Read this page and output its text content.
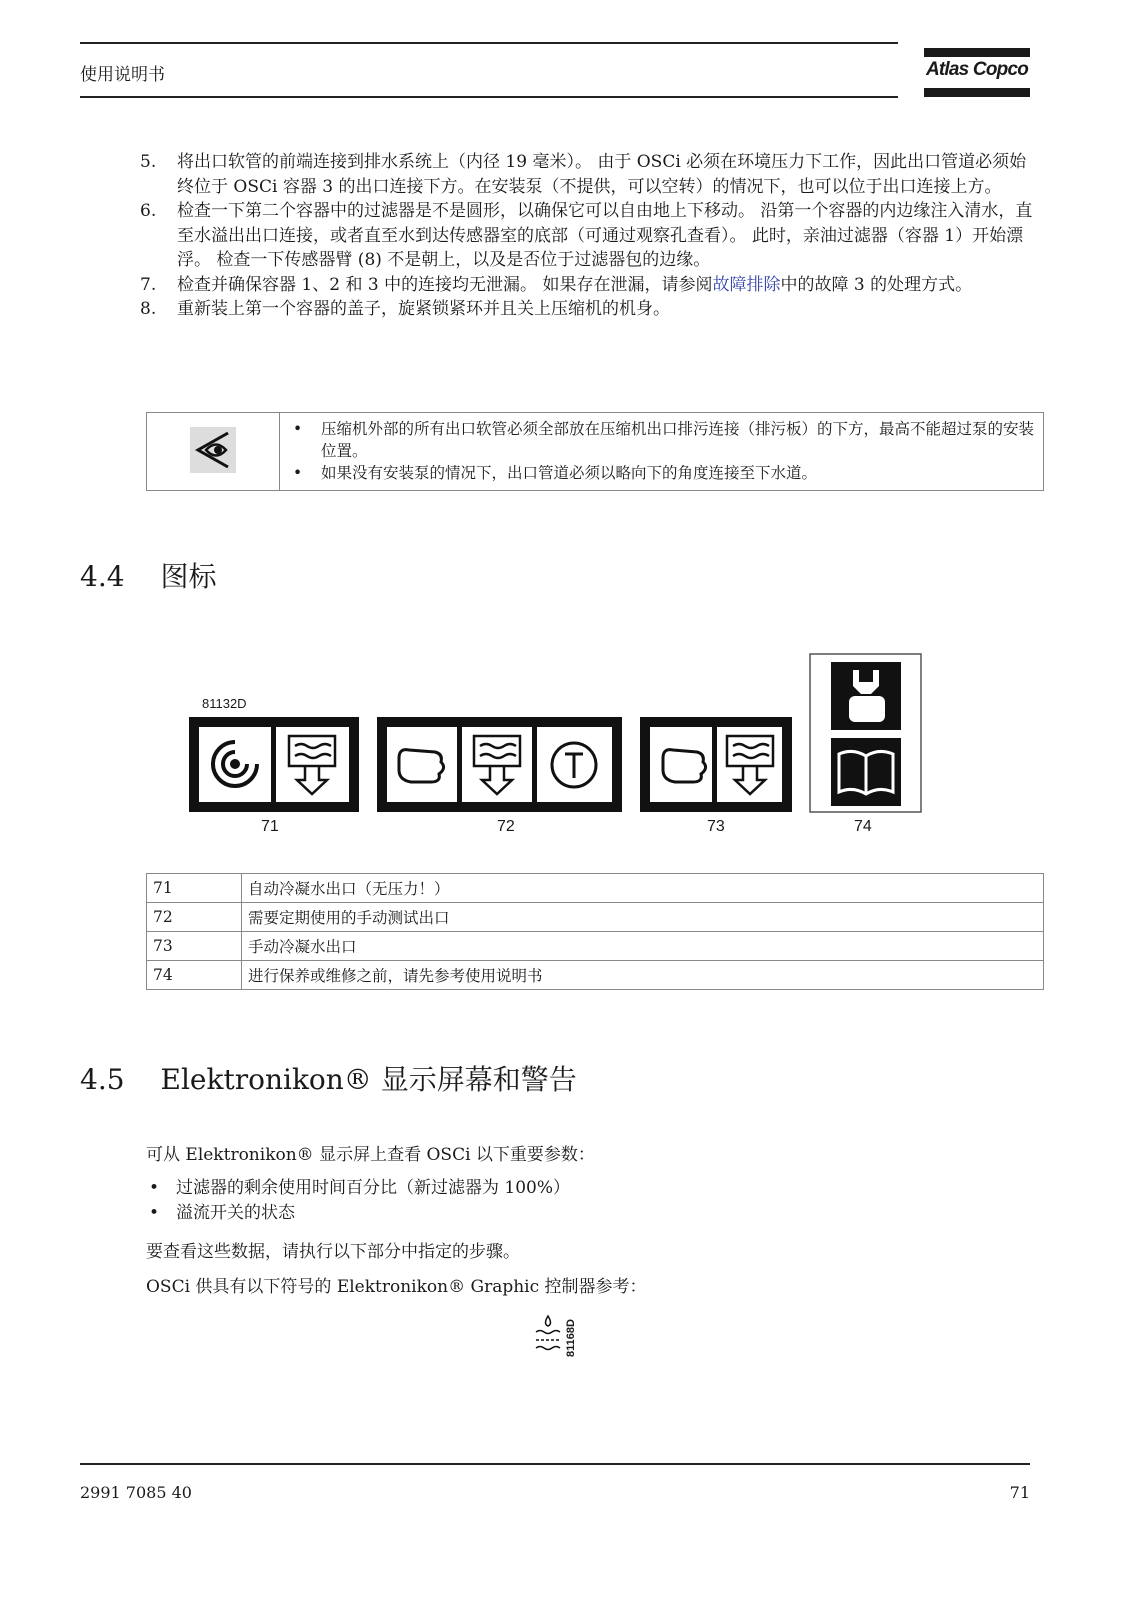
使用说明书	Atlas Copco
5. 将出口软管的前端连接到排水系统上（内径 19 毫米）。 由于 OSCi 必须在环境压力下工作，因此出口管道必须始终位于 OSCi 容器 3 的出口连接下方。在安装泵（不提供，可以空转）的情况下，也可以位于出口连接上方。
6. 检查一下第二个容器中的过滤器是不是圆形，以确保它可以自由地上下移动。 沿第一个容器的内边缘注入清水，直至水溢出出口连接，或者直至水到达传感器室的底部（可通过观察孔查看）。 此时，亲油过滤器（容器 1）开始漂浮。 检查一下传感器臂 (8) 不是朝上，以及是否位于过滤器包的边缘。
7. 检查并确保容器 1、2 和 3 中的连接均无泄漏。 如果存在泄漏，请参阅故障排除中的故障 3 的处理方式。
8. 重新装上第一个容器的盖子，旋紧锁紧环并且关上压缩机的机身。

• 压缩机外部的所有出口软管必须全部放在压缩机出口排污连接（排污板）的下方，最高不能超过泵的安装位置。
• 如果没有安装泵的情况下，出口管道必须以略向下的角度连接至下水道。
4.4 图标
81132D
71	72	73	74
71	自动冷凝水出口（无压力！）
72	需要定期使用的手动测试出口
73	手动冷凝水出口
74	进行保养或维修之前，请先参考使用说明书
4.5 Elektronikon® 显示屏幕和警告
可从 Elektronikon® 显示屏上查看 OSCi 以下重要参数：
• 过滤器的剩余使用时间百分比（新过滤器为 100%）
• 溢流开关的状态
要查看这些数据，请执行以下部分中指定的步骤。
OSCi 供具有以下符号的 Elektronikon® Graphic 控制器参考：
81168D
2991 7085 40	71
